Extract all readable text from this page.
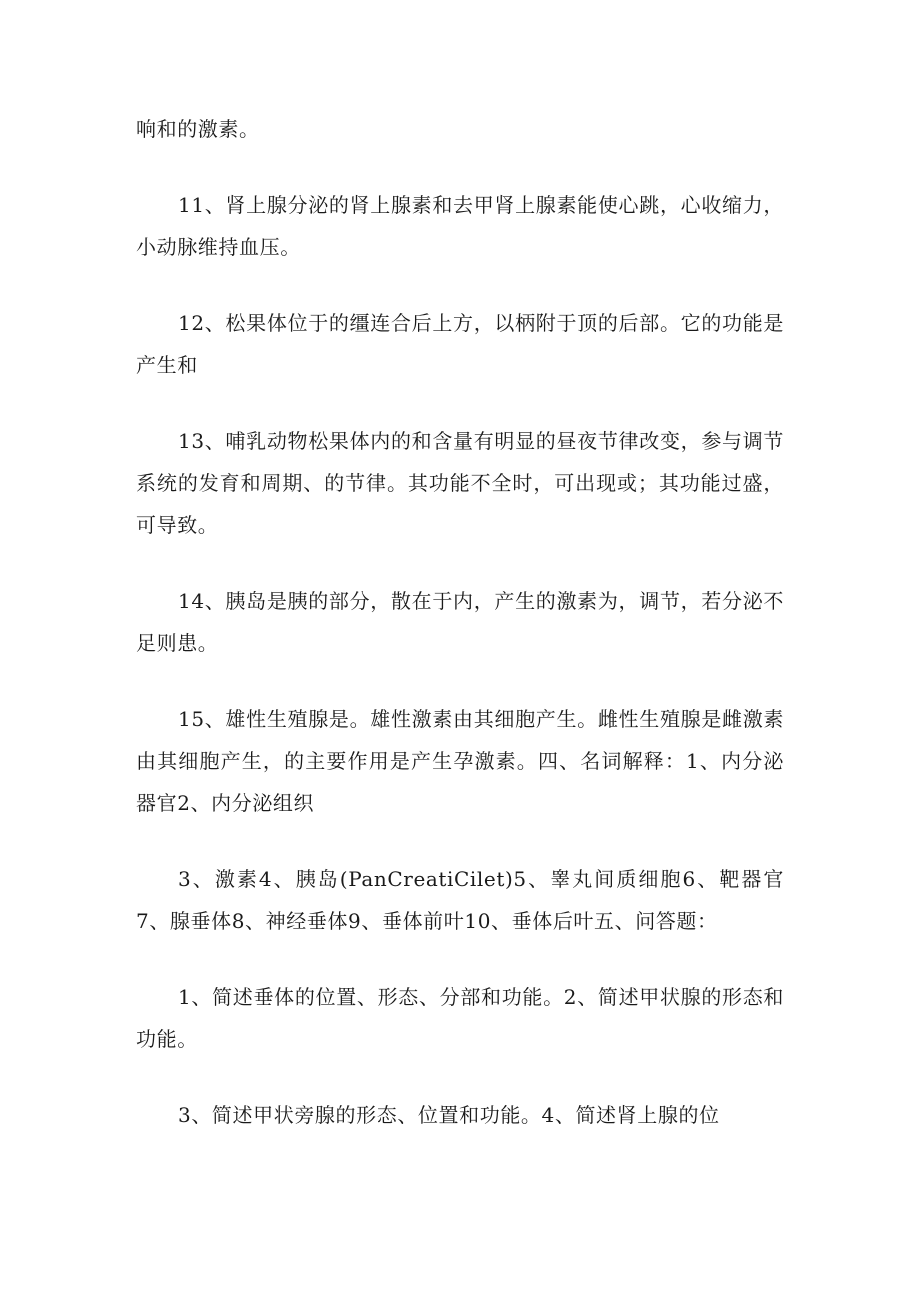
响和的激素。

11、肾上腺分泌的肾上腺素和去甲肾上腺素能使心跳，心收缩力，小动脉维持血压。

12、松果体位于的缰连合后上方，以柄附于顶的后部。它的功能是产生和

13、哺乳动物松果体内的和含量有明显的昼夜节律改变，参与调节系统的发育和周期、的节律。其功能不全时，可出现或；其功能过盛，可导致。

14、胰岛是胰的部分，散在于内，产生的激素为，调节，若分泌不足则患。

15、雄性生殖腺是。雄性激素由其细胞产生。雌性生殖腺是雌激素由其细胞产生，的主要作用是产生孕激素。四、名词解释：1、内分泌器官2、内分泌组织

3、激素4、胰岛(PanCreatiCilet)5、睾丸间质细胞6、靶器官7、腺垂体8、神经垂体9、垂体前叶10、垂体后叶五、问答题：

1、简述垂体的位置、形态、分部和功能。2、简述甲状腺的形态和功能。

3、简述甲状旁腺的形态、位置和功能。4、简述肾上腺的位
